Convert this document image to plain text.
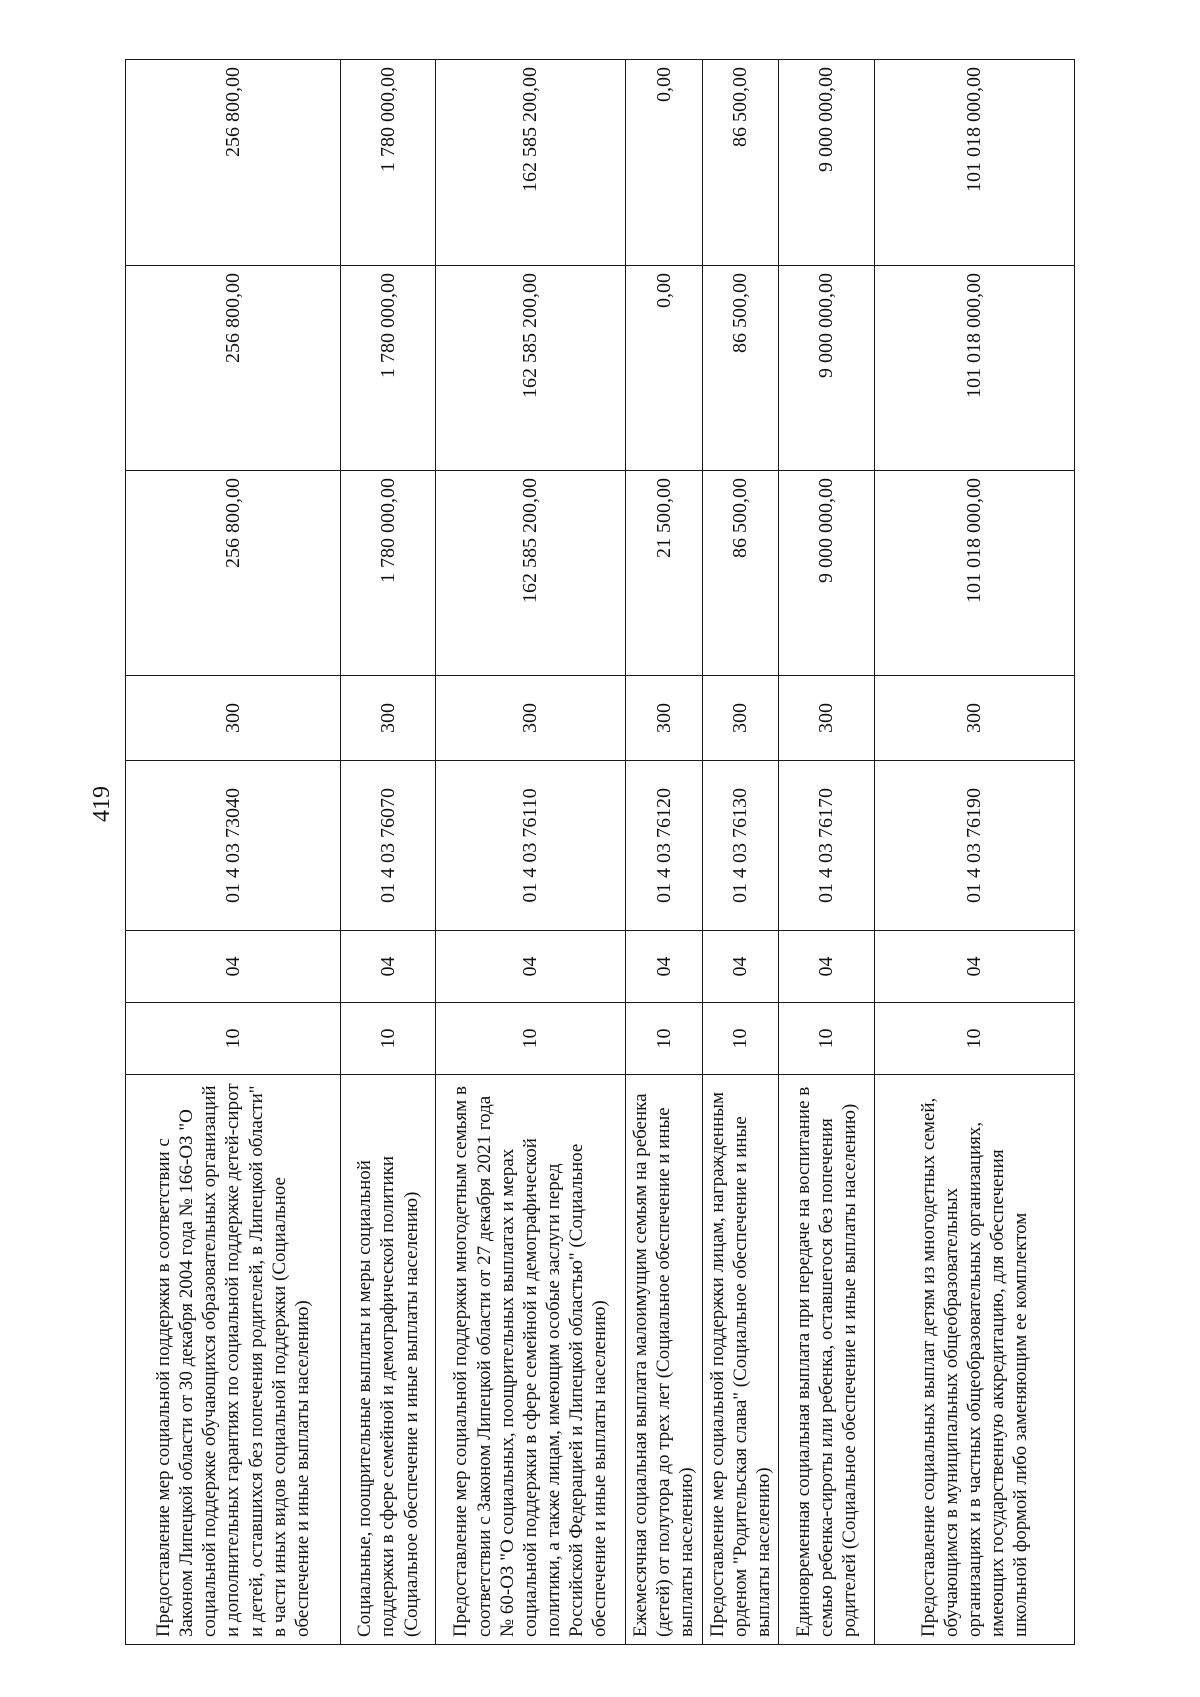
419
Предоставление мер социальной поддержки в соответствии с Законом Липецкой области от 30 декабря 2004 года № 166-ОЗ "О социальной поддержке обучающихся образовательных организаций и дополнительных гарантиях по социальной поддержке детей-сирот и детей, оставшихся без попечения родителей, в Липецкой области" в части иных видов социальной поддержки (Социальное обеспечение и иные выплаты населению)	10	04	01 4 03 73040	300	256 800,00	256 800,00	256 800,00
Социальные, поощрительные выплаты и меры социальной поддержки в сфере семейной и демографической политики (Социальное обеспечение и иные выплаты населению)	10	04	01 4 03 76070	300	1 780 000,00	1 780 000,00	1 780 000,00
Предоставление мер социальной поддержки многодетным семьям в соответствии с Законом Липецкой области от 27 декабря 2021 года № 60-ОЗ "О социальных, поощрительных выплатах и мерах социальной поддержки в сфере семейной и демографической политики, а также лицам, имеющим особые заслуги перед Российской Федерацией и Липецкой областью" (Социальное обеспечение и иные выплаты населению)	10	04	01 4 03 76110	300	162 585 200,00	162 585 200,00	162 585 200,00
Ежемесячная социальная выплата малоимущим семьям на ребенка (детей) от полутора до трех лет (Социальное обеспечение и иные выплаты населению)	10	04	01 4 03 76120	300	21 500,00	0,00	0,00
Предоставление мер социальной поддержки лицам, награжденным орденом "Родительская слава" (Социальное обеспечение и иные выплаты населению)	10	04	01 4 03 76130	300	86 500,00	86 500,00	86 500,00
Единовременная социальная выплата при передаче на воспитание в семью ребенка-сироты или ребенка, оставшегося без попечения родителей (Социальное обеспечение и иные выплаты населению)	10	04	01 4 03 76170	300	9 000 000,00	9 000 000,00	9 000 000,00
Предоставление социальных выплат детям из многодетных семей, обучающимся в муниципальных общеобразовательных организациях и в частных общеобразовательных организациях, имеющих государственную аккредитацию, для обеспечения школьной формой либо заменяющим ее комплектом	10	04	01 4 03 76190	300	101 018 000,00	101 018 000,00	101 018 000,00
